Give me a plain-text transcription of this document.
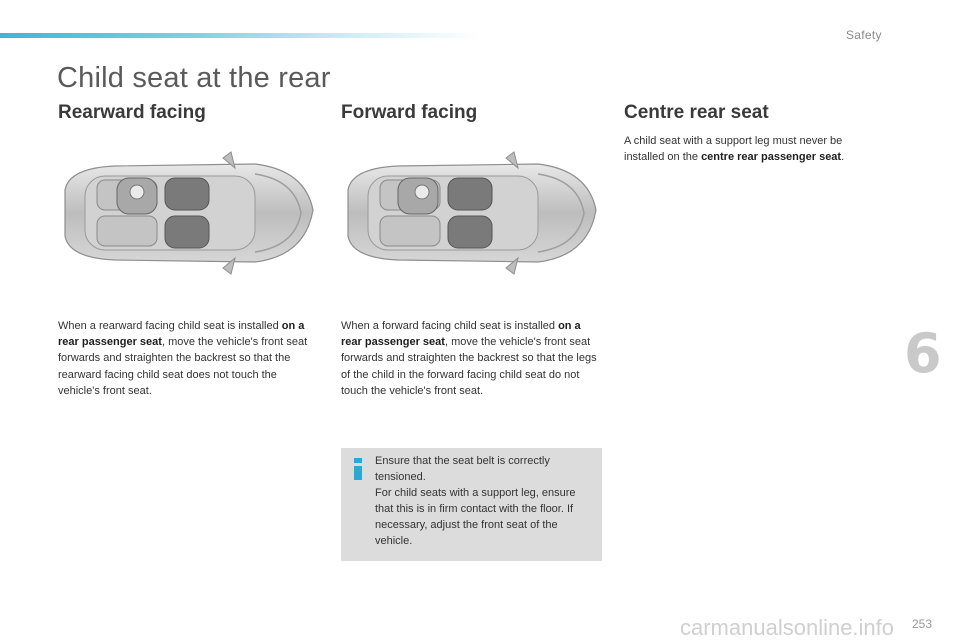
Safety
Child seat at the rear
Rearward facing	Forward facing	Centre rear seat

When a rearward facing child seat is installed on a rear passenger seat, move the vehicle's front seat forwards and straighten the backrest so that the rearward facing child seat does not touch the vehicle's front seat.

When a forward facing child seat is installed on a rear passenger seat, move the vehicle's front seat forwards and straighten the backrest so that the legs of the child in the forward facing child seat do not touch the vehicle's front seat.

A child seat with a support leg must never be installed on the centre rear passenger seat.

Ensure that the seat belt is correctly tensioned.

For child seats with a support leg, ensure that this is in firm contact with the floor. If necessary, adjust the front seat of the vehicle.

6
253
carmanualsonline.info
